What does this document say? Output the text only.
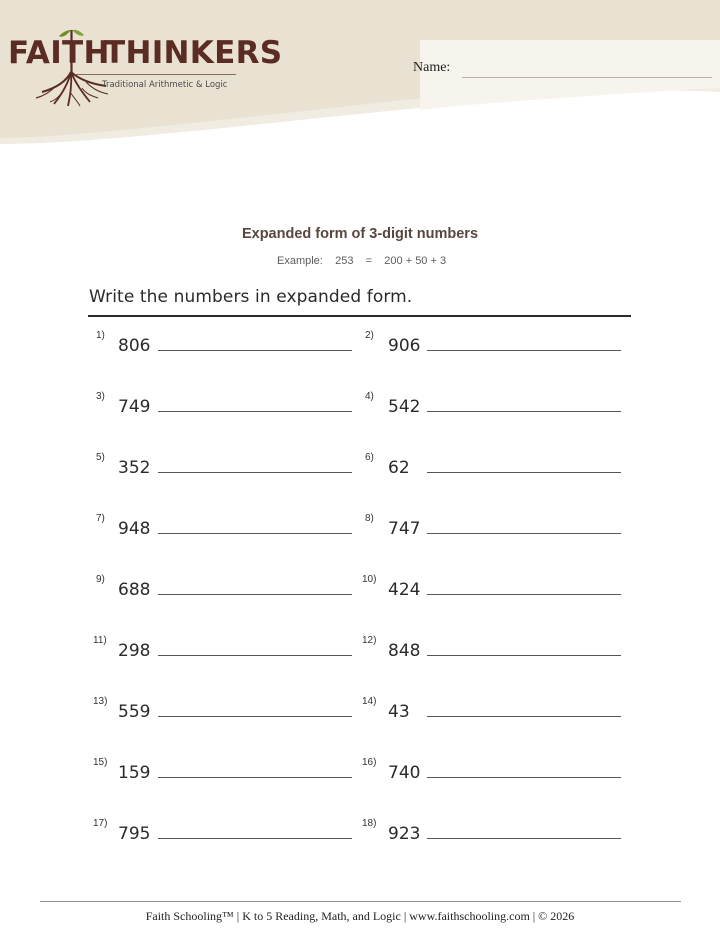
FAITH
THINKERS
Traditional Arithmetic & Logic
Name:
Expanded form of 3-digit numbers
Example:    253    =    200 + 50 + 3
Write the numbers in expanded form.
1)
806
2)
906
3)
749
4)
542
5)
352
6)
62
7)
948
8)
747
9)
688
10)
424
11)
298
12)
848
13)
559
14)
43
15)
159
16)
740
17)
795
18)
923
Faith Schooling™ | K to 5 Reading, Math, and Logic | www.faithschooling.com | © 2026
